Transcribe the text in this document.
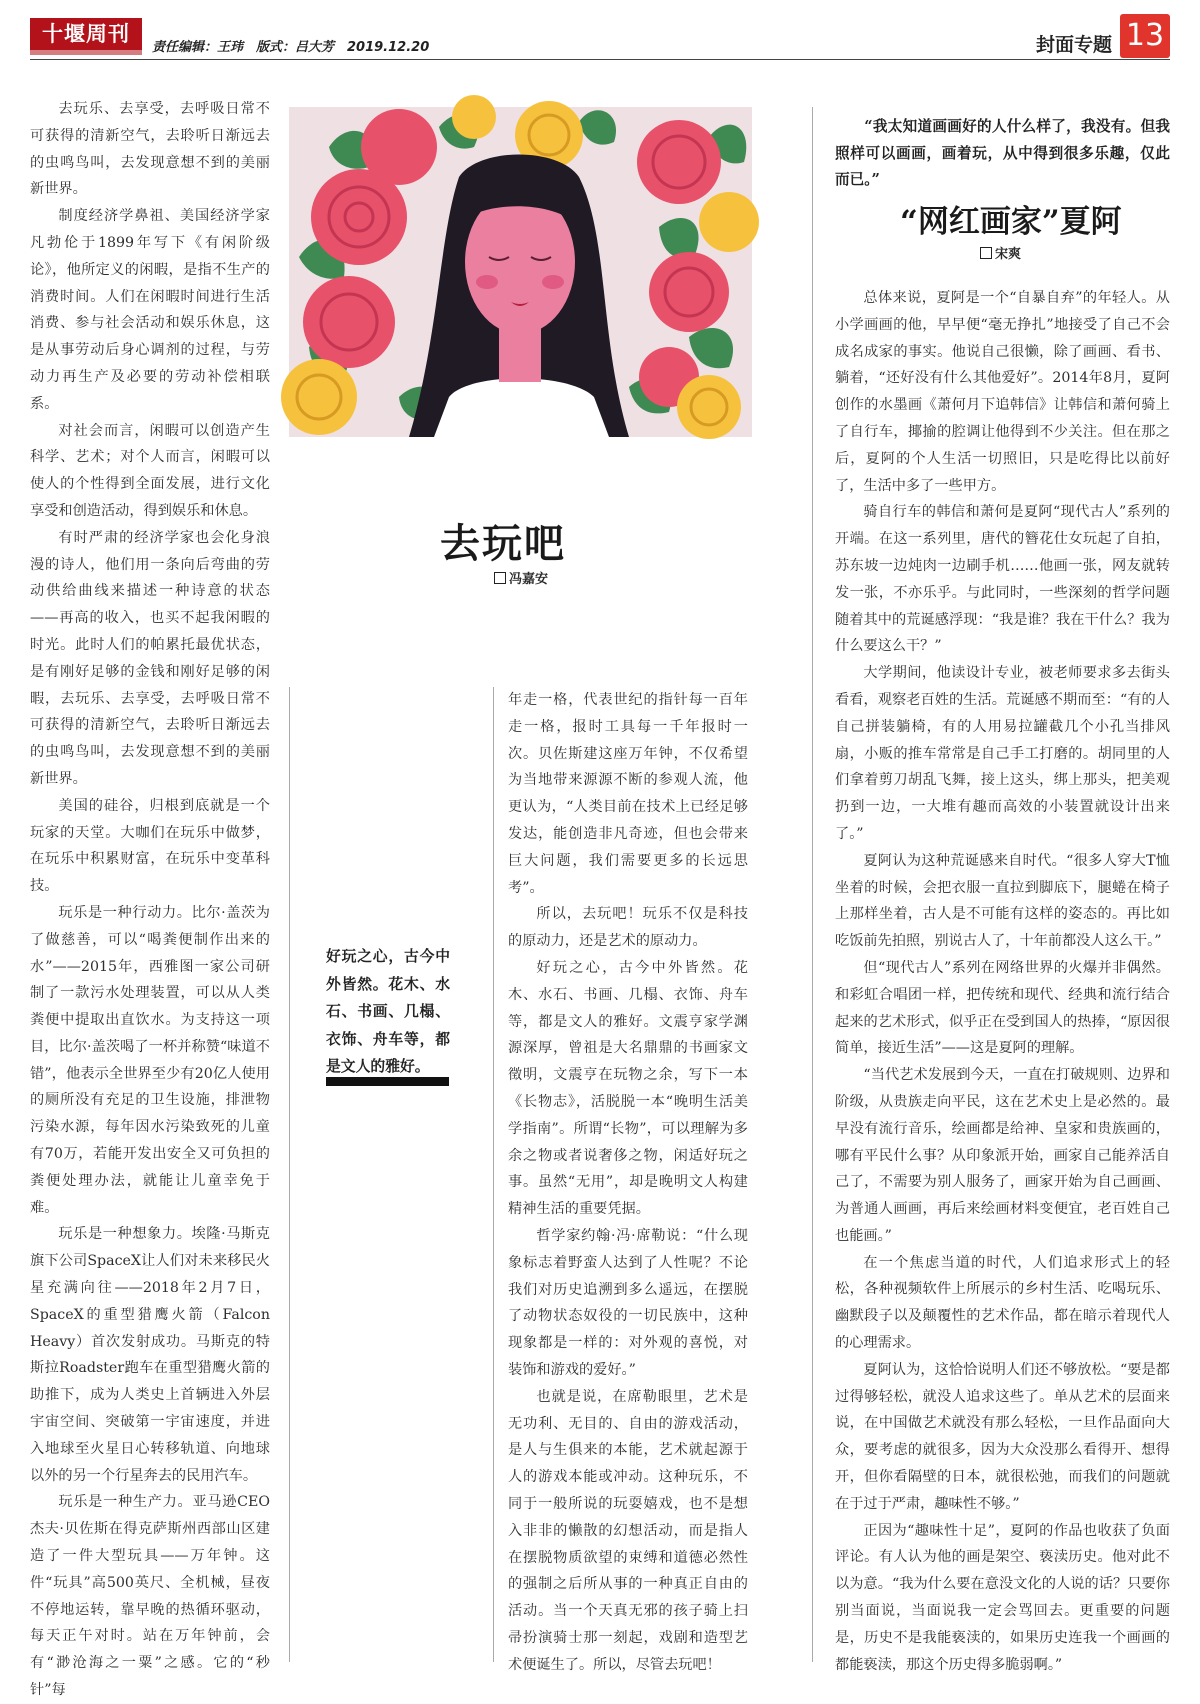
十堰周刊
责任编辑：王玮　版式：吕大芳　2019.12.20	封面专题 13

去玩乐、去享受，去呼吸日常不可获得的清新空气，去聆听日渐远去的虫鸣鸟叫，去发现意想不到的美丽新世界。

制度经济学鼻祖、美国经济学家凡勃伦于1899年写下《有闲阶级论》，他所定义的闲暇，是指不生产的消费时间。人们在闲暇时间进行生活消费、参与社会活动和娱乐休息，这是从事劳动后身心调剂的过程，与劳动力再生产及必要的劳动补偿相联系。

对社会而言，闲暇可以创造产生科学、艺术；对个人而言，闲暇可以使人的个性得到全面发展，进行文化享受和创造活动，得到娱乐和休息。

有时严肃的经济学家也会化身浪漫的诗人，他们用一条向后弯曲的劳动供给曲线来描述一种诗意的状态——再高的收入，也买不起我闲暇的时光。此时人们的帕累托最优状态，是有刚好足够的金钱和刚好足够的闲暇，去玩乐、去享受，去呼吸日常不可获得的清新空气，去聆听日渐远去的虫鸣鸟叫，去发现意想不到的美丽新世界。

美国的硅谷，归根到底就是一个玩家的天堂。大咖们在玩乐中做梦，在玩乐中积累财富，在玩乐中变革科技。

玩乐是一种行动力。比尔·盖茨为了做慈善，可以“喝粪便制作出来的水”——2015年，西雅图一家公司研制了一款污水处理装置，可以从人类粪便中提取出直饮水。为支持这一项目，比尔·盖茨喝了一杯并称赞“味道不错”，他表示全世界至少有20亿人使用的厕所没有充足的卫生设施，排泄物污染水源，每年因水污染致死的儿童有70万，若能开发出安全又可负担的粪便处理办法，就能让儿童幸免于难。

玩乐是一种想象力。埃隆·马斯克旗下公司SpaceX让人们对未来移民火星充满向往——2018年2月7日，SpaceX的重型猎鹰火箭（Falcon Heavy）首次发射成功。马斯克的特斯拉Roadster跑车在重型猎鹰火箭的助推下，成为人类史上首辆进入外层宇宙空间、突破第一宇宙速度，并进入地球至火星日心转移轨道、向地球以外的另一个行星奔去的民用汽车。

玩乐是一种生产力。亚马逊CEO杰夫·贝佐斯在得克萨斯州西部山区建造了一件大型玩具——万年钟。这件“玩具”高500英尺、全机械，昼夜不停地运转，靠早晚的热循环驱动，每天正午对时。站在万年钟前，会有“渺沧海之一粟”之感。它的“秒针”每

去玩吧
冯嘉安
好玩之心，古今中外皆然。花木、水石、书画、几榻、衣饰、舟车等，都是文人的雅好。

年走一格，代表世纪的指针每一百年走一格，报时工具每一千年报时一次。贝佐斯建这座万年钟，不仅希望为当地带来源源不断的参观人流，他更认为，“人类目前在技术上已经足够发达，能创造非凡奇迹，但也会带来巨大问题，我们需要更多的长远思考”。

所以，去玩吧！玩乐不仅是科技的原动力，还是艺术的原动力。

好玩之心，古今中外皆然。花木、水石、书画、几榻、衣饰、舟车等，都是文人的雅好。文震亨家学渊源深厚，曾祖是大名鼎鼎的书画家文徵明，文震亨在玩物之余，写下一本《长物志》，活脱脱一本“晚明生活美学指南”。所谓“长物”，可以理解为多余之物或者说奢侈之物，闲适好玩之事。虽然“无用”，却是晚明文人构建精神生活的重要凭据。

哲学家约翰·冯·席勒说：“什么现象标志着野蛮人达到了人性呢？不论我们对历史追溯到多么遥远，在摆脱了动物状态奴役的一切民族中，这种现象都是一样的：对外观的喜悦，对装饰和游戏的爱好。”

也就是说，在席勒眼里，艺术是无功利、无目的、自由的游戏活动，是人与生俱来的本能，艺术就起源于人的游戏本能或冲动。这种玩乐，不同于一般所说的玩耍嬉戏，也不是想入非非的懒散的幻想活动，而是指人在摆脱物质欲望的束缚和道德必然性的强制之后所从事的一种真正自由的活动。当一个天真无邪的孩子骑上扫帚扮演骑士那一刻起，戏剧和造型艺术便诞生了。所以，尽管去玩吧！

“我太知道画画好的人什么样了，我没有。但我照样可以画画，画着玩，从中得到很多乐趣，仅此而已。”
“网红画家”夏阿
宋爽

总体来说，夏阿是一个“自暴自弃”的年轻人。从小学画画的他，早早便“毫无挣扎”地接受了自己不会成名成家的事实。他说自己很懒，除了画画、看书、躺着，“还好没有什么其他爱好”。2014年8月，夏阿创作的水墨画《萧何月下追韩信》让韩信和萧何骑上了自行车，揶揄的腔调让他得到不少关注。但在那之后，夏阿的个人生活一切照旧，只是吃得比以前好了，生活中多了一些甲方。

骑自行车的韩信和萧何是夏阿“现代古人”系列的开端。在这一系列里，唐代的簪花仕女玩起了自拍，苏东坡一边炖肉一边刷手机……他画一张，网友就转发一张，不亦乐乎。与此同时，一些深刻的哲学问题随着其中的荒诞感浮现：“我是谁？我在干什么？我为什么要这么干？”

大学期间，他读设计专业，被老师要求多去街头看看，观察老百姓的生活。荒诞感不期而至：“有的人自己拼装躺椅，有的人用易拉罐截几个小孔当排风扇，小贩的推车常常是自己手工打磨的。胡同里的人们拿着剪刀胡乱飞舞，接上这头，绑上那头，把美观扔到一边，一大堆有趣而高效的小装置就设计出来了。”

夏阿认为这种荒诞感来自时代。“很多人穿大T恤坐着的时候，会把衣服一直拉到脚底下，腿蜷在椅子上那样坐着，古人是不可能有这样的姿态的。再比如吃饭前先拍照，别说古人了，十年前都没人这么干。”

但“现代古人”系列在网络世界的火爆并非偶然。和彩虹合唱团一样，把传统和现代、经典和流行结合起来的艺术形式，似乎正在受到国人的热捧，“原因很简单，接近生活”——这是夏阿的理解。

“当代艺术发展到今天，一直在打破规则、边界和阶级，从贵族走向平民，这在艺术史上是必然的。最早没有流行音乐，绘画都是给神、皇家和贵族画的，哪有平民什么事？从印象派开始，画家自己能养活自己了，不需要为别人服务了，画家开始为自己画画、为普通人画画，再后来绘画材料变便宜，老百姓自己也能画。”

在一个焦虑当道的时代，人们追求形式上的轻松，各种视频软件上所展示的乡村生活、吃喝玩乐、幽默段子以及颠覆性的艺术作品，都在暗示着现代人的心理需求。

夏阿认为，这恰恰说明人们还不够放松。“要是都过得够轻松，就没人追求这些了。单从艺术的层面来说，在中国做艺术就没有那么轻松，一旦作品面向大众，要考虑的就很多，因为大众没那么看得开、想得开，但你看隔壁的日本，就很松弛，而我们的问题就在于过于严肃，趣味性不够。”

正因为“趣味性十足”，夏阿的作品也收获了负面评论。有人认为他的画是架空、亵渎历史。他对此不以为意。“我为什么要在意没文化的人说的话？只要你别当面说，当面说我一定会骂回去。更重要的问题是，历史不是我能亵渎的，如果历史连我一个画画的都能亵渎，那这个历史得多脆弱啊。”
